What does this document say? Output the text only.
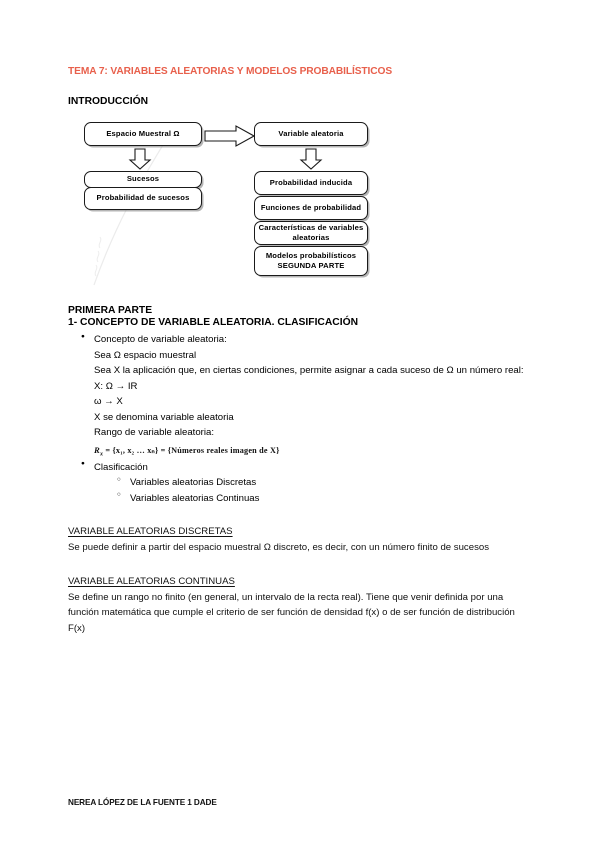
TEMA 7: VARIABLES ALEATORIAS Y MODELOS PROBABILÍSTICOS
INTRODUCCIÓN
Espacio Muestral Ω	Variable aleatoria
Sucesos
Probabilidad de sucesos
Probabilidad inducida
Funciones de probabilidad
Características de variables aleatorias
Modelos probabilísticos SEGUNDA PARTE
PRIMERA PARTE
1- CONCEPTO DE VARIABLE ALEATORIA. CLASIFICACIÓN
● Concepto de variable aleatoria:
Sea Ω espacio muestral
Sea X la aplicación que, en ciertas condiciones, permite asignar a cada suceso de Ω un número real:
X: Ω → IR
ω → X
X se denomina variable aleatoria
Rango de variable aleatoria:
$R_x = \{x_1$, x₂ … xₙ} = {Números reales imagen de X}
● Clasificación
○ Variables aleatorias Discretas
○ Variables aleatorias Continuas
VARIABLE ALEATORIAS DISCRETAS

Se puede definir a partir del espacio muestral Ω discreto, es decir, con un número finito de sucesos

VARIABLE ALEATORIAS CONTINUAS

Se define un rango no finito (en general, un intervalo de la recta real). Tiene que venir definida por una función matemática que cumple el criterio de ser función de densidad f(x) o de ser función de distribución F(x)

NEREA LÓPEZ DE LA FUENTE 1 DADE
